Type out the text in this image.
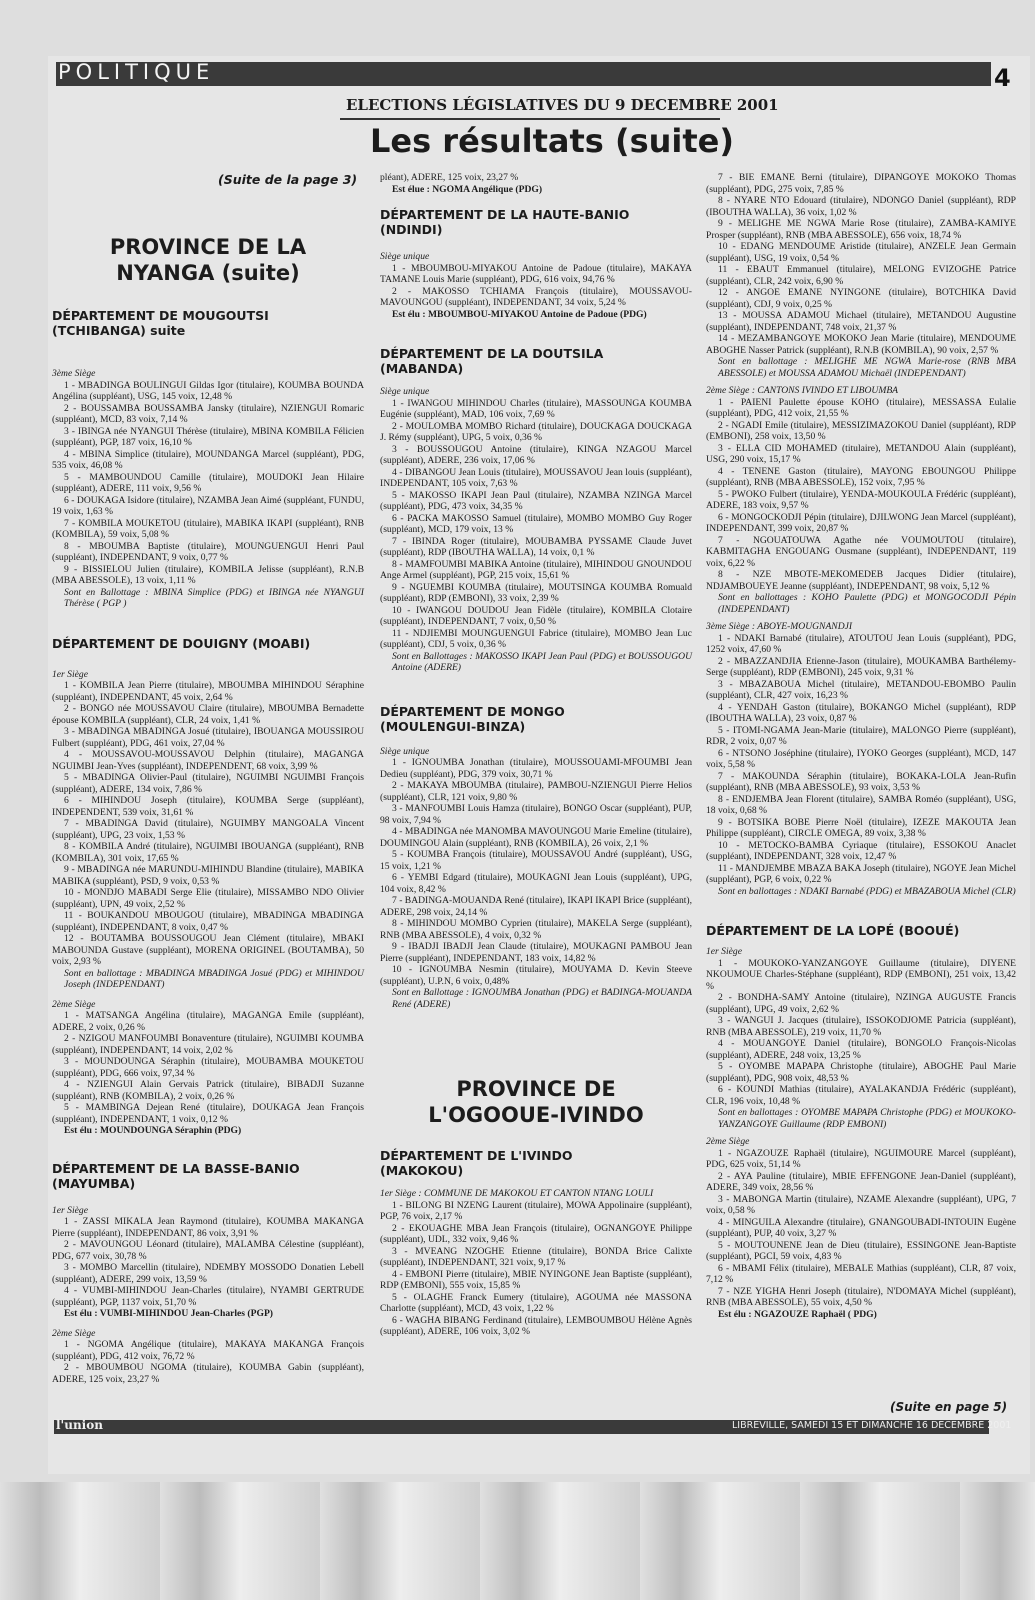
POLITIQUE	4
ELECTIONS LÉGISLATIVES DU 9 DECEMBRE 2001
Les résultats (suite)
(Suite de la page 3)

PROVINCE DE LA

NYANGA (suite)

DÉPARTEMENT DE MOUGOUTSI

(TCHIBANGA) suite

3ème Siège

1 - MBADINGA BOULINGUI Gildas Igor (titulaire), KOUMBA BOUNDA Angélina (suppléant), USG, 145 voix, 12,48 %

2 - BOUSSAMBA BOUSSAMBA Jansky (titulaire), NZIENGUI Romaric (suppléant), MCD, 83 voix, 7,14 %

3 - IBINGA née NYANGUI Thérèse (titulaire), MBINA KOMBILA Félicien (suppléant), PGP, 187 voix, 16,10 %

4 - MBINA Simplice (titulaire), MOUNDANGA Marcel (suppléant), PDG, 535 voix, 46,08 %

5 - MAMBOUNDOU Camille (titulaire), MOUDOKI Jean Hilaire (suppléant), ADERE, 111 voix, 9,56 %

6 - DOUKAGA Isidore (titulaire), NZAMBA Jean Aimé (suppléant, FUNDU, 19 voix, 1,63 %

7 - KOMBILA MOUKETOU (titulaire), MABIKA IKAPI (suppléant), RNB (KOMBILA), 59 voix, 5,08 %

8 - MBOUMBA Baptiste (titulaire), MOUNGUENGUI Henri Paul (suppléant), INDEPENDANT, 9 voix, 0,77 %

9 - BISSIELOU Julien (titulaire), KOMBILA Jelisse (suppléant), R.N.B (MBA ABESSOLE), 13 voix, 1,11 %

Sont en Ballottage : MBINA Simplice (PDG) et IBINGA née NYANGUI Thérèse ( PGP )

DÉPARTEMENT DE DOUIGNY (MOABI)

1er Siège

1 - KOMBILA Jean Pierre (titulaire), MBOUMBA MIHINDOU Séraphine (suppléant), INDEPENDANT, 45 voix, 2,64 %

2 - BONGO née MOUSSAVOU Claire (titulaire), MBOUMBA Bernadette épouse KOMBILA (suppléant), CLR, 24 voix, 1,41 %

3 - MBADINGA MBADINGA Josué (titulaire), IBOUANGA MOUSSIROU Fulbert (suppléant), PDG, 461 voix, 27,04 %

4 - MOUSSAVOU-MOUSSAVOU Delphin (titulaire), MAGANGA NGUIMBI Jean-Yves (suppléant), INDEPENDENT, 68 voix, 3,99 %

5 - MBADINGA Olivier-Paul (titulaire), NGUIMBI NGUIMBI François (suppléant), ADERE, 134 voix, 7,86 %

6 - MIHINDOU Joseph (titulaire), KOUMBA Serge (suppléant), INDEPENDENT, 539 voix, 31,61 %

7 - MBADINGA David (titulaire), NGUIMBY MANGOALA Vincent (suppléant), UPG, 23 voix, 1,53 %

8 - KOMBILA André (titulaire), NGUIMBI IBOUANGA (suppléant), RNB (KOMBILA), 301 voix, 17,65 %

9 - MBADINGA née MARUNDU-MIHINDU Blandine (titulaire), MABIKA MABIKA (suppléant), PSD, 9 voix, 0,53 %

10 - MONDJO MABADI Serge Elie (titulaire), MISSAMBO NDO Olivier (suppléant), UPN, 49 voix, 2,52 %

11 - BOUKANDOU MBOUGOU (titulaire), MBADINGA MBADINGA (suppléant), INDEPENDANT, 8 voix, 0,47 %

12 - BOUTAMBA BOUSSOUGOU Jean Clément (titulaire), MBAKI MABOUNDA Gustave (suppléant), MORENA ORIGINEL (BOUTAMBA), 50 voix, 2,93 %

Sont en ballottage : MBADINGA MBADINGA Josué (PDG) et MIHINDOU Joseph (INDEPENDANT)

2ème Siège

1 - MATSANGA Angélina (titulaire), MAGANGA Emile (suppléant), ADERE, 2 voix, 0,26 %

2 - NZIGOU MANFOUMBI Bonaventure (titulaire), NGUIMBI KOUMBA (suppléant), INDEPENDANT, 14 voix, 2,02 %

3 - MOUNDOUNGA Séraphin (titulaire), MOUBAMBA MOUKETOU (suppléant), PDG, 666 voix, 97,34 %

4 - NZIENGUI Alain Gervais Patrick (titulaire), BIBADJI Suzanne (suppléant), RNB (KOMBILA), 2 voix, 0,26 %

5 - MAMBINGA Dejean René (titulaire), DOUKAGA Jean François (suppléant), INDEPENDANT, 1 voix, 0,12 %

Est élu : MOUNDOUNGA Séraphin (PDG)

DÉPARTEMENT DE LA BASSE-BANIO

(MAYUMBA)

1er Siège

1 - ZASSI MIKALA Jean Raymond (titulaire), KOUMBA MAKANGA Pierre (suppléant), INDEPENDANT, 86 voix, 3,91 %

2 - MAVOUNGOU Léonard (titulaire), MALAMBA Célestine (suppléant), PDG, 677 voix, 30,78 %

3 - MOMBO Marcellin (titulaire), NDEMBY MOSSODO Donatien Lebell (suppléant), ADERE, 299 voix, 13,59 %

4 - VUMBI-MIHINDOU Jean-Charles (titulaire), NYAMBI GERTRUDE (suppléant), PGP, 1137 voix, 51,70 %

Est élu : VUMBI-MIHINDOU Jean-Charles (PGP)

2ème Siège

1 - NGOMA Angélique (titulaire), MAKAYA MAKANGA François (suppléant), PDG, 412 voix, 76,72 %

2 - MBOUMBOU NGOMA (titulaire), KOUMBA Gabin (suppléant), ADERE, 125 voix, 23,27 %

pléant), ADERE, 125 voix, 23,27 %

Est élue : NGOMA Angélique (PDG)

DÉPARTEMENT DE LA HAUTE-BANIO

(NDINDI)

Siège unique

1 - MBOUMBOU-MIYAKOU Antoine de Padoue (titulaire), MAKAYA TAMANE Louis Marie (suppléant), PDG, 616 voix, 94,76 %

2 - MAKOSSO TCHIAMA François (titulaire), MOUSSAVOU-MAVOUNGOU (suppléant), INDEPENDANT, 34 voix, 5,24 %

Est élu : MBOUMBOU-MIYAKOU Antoine de Padoue (PDG)

DÉPARTEMENT DE LA DOUTSILA

(MABANDA)

Siège unique

1 - IWANGOU MIHINDOU Charles (titulaire), MASSOUNGA KOUMBA Eugénie (suppléant), MAD, 106 voix, 7,69 %

2 - MOULOMBA MOMBO Richard (titulaire), DOUCKAGA DOUCKAGA J. Rémy (suppléant), UPG, 5 voix, 0,36 %

3 - BOUSSOUGOU Antoine (titulaire), KINGA NZAGOU Marcel (suppléant), ADERE, 236 voix, 17,06 %

4 - DIBANGOU Jean Louis (titulaire), MOUSSAVOU Jean louis (suppléant), INDEPENDANT, 105 voix, 7,63 %

5 - MAKOSSO IKAPI Jean Paul (titulaire), NZAMBA NZINGA Marcel (suppléant), PDG, 473 voix, 34,35 %

6 - PACKA MAKOSSO Samuel (titulaire), MOMBO MOMBO Guy Roger (suppléant), MCD, 179 voix, 13 %

7 - IBINDA Roger (titulaire), MOUBAMBA PYSSAME Claude Juvet (suppléant), RDP (IBOUTHA WALLA), 14 voix, 0,1 %

8 - MAMFOUMBI MABIKA Antoine (titulaire), MIHINDOU GNOUNDOU Ange Armel (suppléant), PGP, 215 voix, 15,61 %

9 - NGUEMBI KOUMBA (titulaire), MOUTSINGA KOUMBA Romuald (suppléant), RDP (EMBONI), 33 voix, 2,39 %

10 - IWANGOU DOUDOU Jean Fidèle (titulaire), KOMBILA Clotaire (suppléant), INDEPENDANT, 7 voix, 0,50 %

11 - NDJIEMBI MOUNGUENGUI Fabrice (titulaire), MOMBO Jean Luc (suppléant), CDJ, 5 voix, 0,36 %

Sont en Ballottages : MAKOSSO IKAPI Jean Paul (PDG) et BOUSSOUGOU Antoine (ADERE)

DÉPARTEMENT DE MONGO

(MOULENGUI-BINZA)

Siège unique

1 - IGNOUMBA Jonathan (titulaire), MOUSSOUAMI-MFOUMBI Jean Dedieu (suppléant), PDG, 379 voix, 30,71 %

2 - MAKAYA MBOUMBA (titulaire), PAMBOU-NZIENGUI Pierre Helios (suppléant), CLR, 121 voix, 9,80 %

3 - MANFOUMBI Louis Hamza (titulaire), BONGO Oscar (suppléant), PUP, 98 voix, 7,94 %

4 - MBADINGA née MANOMBA MAVOUNGOU Marie Emeline (titulaire), DOUMINGOU Alain (suppléant), RNB (KOMBILA), 26 voix, 2,1 %

5 - KOUMBA François (titulaire), MOUSSAVOU André (suppléant), USG, 15 voix, 1,21 %

6 - YEMBI Edgard (titulaire), MOUKAGNI Jean Louis (suppléant), UPG, 104 voix, 8,42 %

7 - BADINGA-MOUANDA René (titulaire), IKAPI IKAPI Brice (suppléant), ADERE, 298 voix, 24,14 %

8 - MIHINDOU MOMBO Cyprien (titulaire), MAKELA Serge (suppléant), RNB (MBA ABESSOLE), 4 voix, 0,32 %

9 - IBADJI IBADJI Jean Claude (titulaire), MOUKAGNI PAMBOU Jean Pierre (suppléant), INDEPENDANT, 183 voix, 14,82 %

10 - IGNOUMBA Nesmin (titulaire), MOUYAMA D. Kevin Steeve (suppléant), U.P.N, 6 voix, 0,48%

Sont en Ballottage : IGNOUMBA Jonathan (PDG) et BADINGA-MOUANDA René (ADERE)

PROVINCE DE

L'OGOOUE-IVINDO

DÉPARTEMENT DE L'IVINDO

(MAKOKOU)

1er Siège : COMMUNE DE MAKOKOU ET CANTON NTANG LOULI

1 - BILONG BI NZENG Laurent (titulaire), MOWA Appolinaire (suppléant), PGP, 76 voix, 2,17 %

2 - EKOUAGHE MBA Jean François (titulaire), OGNANGOYE Philippe (suppléant), UDL, 332 voix, 9,46 %

3 - MVEANG NZOGHE Etienne (titulaire), BONDA Brice Calixte (suppléant), INDEPENDANT, 321 voix, 9,17 %

4 - EMBONI Pierre (titulaire), MBIE NYINGONE Jean Baptiste (suppléant), RDP (EMBONI), 555 voix, 15,85 %

5 - OLAGHE Franck Eumery (titulaire), AGOUMA née MASSONA Charlotte (suppléant), MCD, 43 voix, 1,22 %

6 - WAGHA BIBANG Ferdinand (titulaire), LEMBOUMBOU Hélène Agnès (suppléant), ADERE, 106 voix, 3,02 %

7 - BIE EMANE Berni (titulaire), DIPANGOYE MOKOKO Thomas (suppléant), PDG, 275 voix, 7,85 %

8 - NYARE NTO Edouard (titulaire), NDONGO Daniel (suppléant), RDP (IBOUTHA WALLA), 36 voix, 1,02 %

9 - MELIGHE ME NGWA Marie Rose (titulaire), ZAMBA-KAMIYE Prosper (suppléant), RNB (MBA ABESSOLE), 656 voix, 18,74 %

10 - EDANG MENDOUME Aristide (titulaire), ANZELE Jean Germain (suppléant), USG, 19 voix, 0,54 %

11 - EBAUT Emmanuel (titulaire), MELONG EVIZOGHE Patrice (suppléant), CLR, 242 voix, 6,90 %

12 - ANGOE EMANE NYINGONE (titulaire), BOTCHIKA David (suppléant), CDJ, 9 voix, 0,25 %

13 - MOUSSA ADAMOU Michael (titulaire), METANDOU Augustine (suppléant), INDEPENDANT, 748 voix, 21,37 %

14 - MEZAMBANGOYE MOKOKO Jean Marie (titulaire), MENDOUME ABOGHE Nasser Patrick (suppléant), R.N.B (KOMBILA), 90 voix, 2,57 %

Sont en ballottage : MELIGHE ME NGWA Marie-rose (RNB MBA ABESSOLE) et MOUSSA ADAMOU Michaël (INDEPENDANT)

2ème Siège : CANTONS IVINDO ET LIBOUMBA

1 - PAIENI Paulette épouse KOHO (titulaire), MESSASSA Eulalie (suppléant), PDG, 412 voix, 21,55 %

2 - NGADI Emile (titulaire), MESSIZIMAZOKOU Daniel (suppléant), RDP (EMBONI), 258 voix, 13,50 %

3 - ELLA CID MOHAMED (titulaire), METANDOU Alain (suppléant), USG, 290 voix, 15,17 %

4 - TENENE Gaston (titulaire), MAYONG EBOUNGOU Philippe (suppléant), RNB (MBA ABESSOLE), 152 voix, 7,95 %

5 - PWOKO Fulbert (titulaire), YENDA-MOUKOULA Frédéric (suppléant), ADERE, 183 voix, 9,57 %

6 - MONGOCKODJI Pépin (titulaire), DJILWONG Jean Marcel (suppléant), INDEPENDANT, 399 voix, 20,87 %

7 - NGOUATOUWA Agathe née VOUMOUTOU (titulaire), KABMITAGHA ENGOUANG Ousmane (suppléant), INDEPENDANT, 119 voix, 6,22 %

8 - NZE MBOTE-MEKOMEDEB Jacques Didier (titulaire), NDJAMBOUEYE Jeanne (suppléant), INDEPENDANT, 98 voix, 5,12 %

Sont en ballottages : KOHO Paulette (PDG) et MONGOCODJI Pépin (INDEPENDANT)

3ème Siège : ABOYE-MOUGNANDJI

1 - NDAKI Barnabé (titulaire), ATOUTOU Jean Louis (suppléant), PDG, 1252 voix, 47,60 %

2 - MBAZZANDJIA Etienne-Jason (titulaire), MOUKAMBA Barthélemy-Serge (suppléant), RDP (EMBONI), 245 voix, 9,31 %

3 - MBAZABOUA Michel (titulaire), METANDOU-EBOMBO Paulin (suppléant), CLR, 427 voix, 16,23 %

4 - YENDAH Gaston (titulaire), BOKANGO Michel (suppléant), RDP (IBOUTHA WALLA), 23 voix, 0,87 %

5 - ITOMI-NGAMA Jean-Marie (titulaire), MALONGO Pierre (suppléant), RDR, 2 voix, 0,07 %

6 - NTSONO Joséphine (titulaire), IYOKO Georges (suppléant), MCD, 147 voix, 5,58 %

7 - MAKOUNDA Séraphin (titulaire), BOKAKA-LOLA Jean-Rufin (suppléant), RNB (MBA ABESSOLE), 93 voix, 3,53 %

8 - ENDJEMBA Jean Florent (titulaire), SAMBA Roméo (suppléant), USG, 18 voix, 0,68 %

9 - BOTSIKA BOBE Pierre Noël (titulaire), IZEZE MAKOUTA Jean Philippe (suppléant), CIRCLE OMEGA, 89 voix, 3,38 %

10 - METOCKO-BAMBA Cyriaque (titulaire), ESSOKOU Anaclet (suppléant), INDEPENDANT, 328 voix, 12,47 %

11 - MANDJEMBE MBAZA BAKA Joseph (titulaire), NGOYE Jean Michel (suppléant), PGP, 6 voix, 0,22 %

Sont en ballottages : NDAKI Barnabé (PDG) et MBAZABOUA Michel (CLR)

DÉPARTEMENT DE LA LOPÉ (BOOUÉ)

1er Siège

1 - MOUKOKO-YANZANGOYE Guillaume (titulaire), DIYENE NKOUMOUE Charles-Stéphane (suppléant), RDP (EMBONI), 251 voix, 13,42 %

2 - BONDHA-SAMY Antoine (titulaire), NZINGA AUGUSTE Francis (suppléant), UPG, 49 voix, 2,62 %

3 - WANGUI J. Jacques (titulaire), ISSOKODJOME Patricia (suppléant), RNB (MBA ABESSOLE), 219 voix, 11,70 %

4 - MOUANGOYE Daniel (titulaire), BONGOLO François-Nicolas (suppléant), ADERE, 248 voix, 13,25 %

5 - OYOMBE MAPAPA Christophe (titulaire), ABOGHE Paul Marie (suppléant), PDG, 908 voix, 48,53 %

6 - KOUNDI Mathias (titulaire), AYALAKANDJA Frédéric (suppléant), CLR, 196 voix, 10,48 %

Sont en ballottages : OYOMBE MAPAPA Christophe (PDG) et MOUKOKO-YANZANGOYE Guillaume (RDP EMBONI)

2ème Siège

1 - NGAZOUZE Raphaël (titulaire), NGUIMOURE Marcel (suppléant), PDG, 625 voix, 51,14 %

2 - AYA Pauline (titulaire), MBIE EFFENGONE Jean-Daniel (suppléant), ADERE, 349 voix, 28,56 %

3 - MABONGA Martin (titulaire), NZAME Alexandre (suppléant), UPG, 7 voix, 0,58 %

4 - MINGUILA Alexandre (titulaire), GNANGOUBADI-INTOUIN Eugène (suppléant), PUP, 40 voix, 3,27 %

5 - MOUTOUNENE Jean de Dieu (titulaire), ESSINGONE Jean-Baptiste (suppléant), PGCI, 59 voix, 4,83 %

6 - MBAMI Félix (titulaire), MEBALE Mathias (suppléant), CLR, 87 voix, 7,12 %

7 - NZE YIGHA Henri Joseph (titulaire), N'DOMAYA Michel (suppléant), RNB (MBA ABESSOLE), 55 voix, 4,50 %

Est élu : NGAZOUZE Raphaël ( PDG)

(Suite en page 5)
l'union	LIBREVILLE, SAMEDI 15 ET DIMANCHE 16 DECEMBRE 2001
